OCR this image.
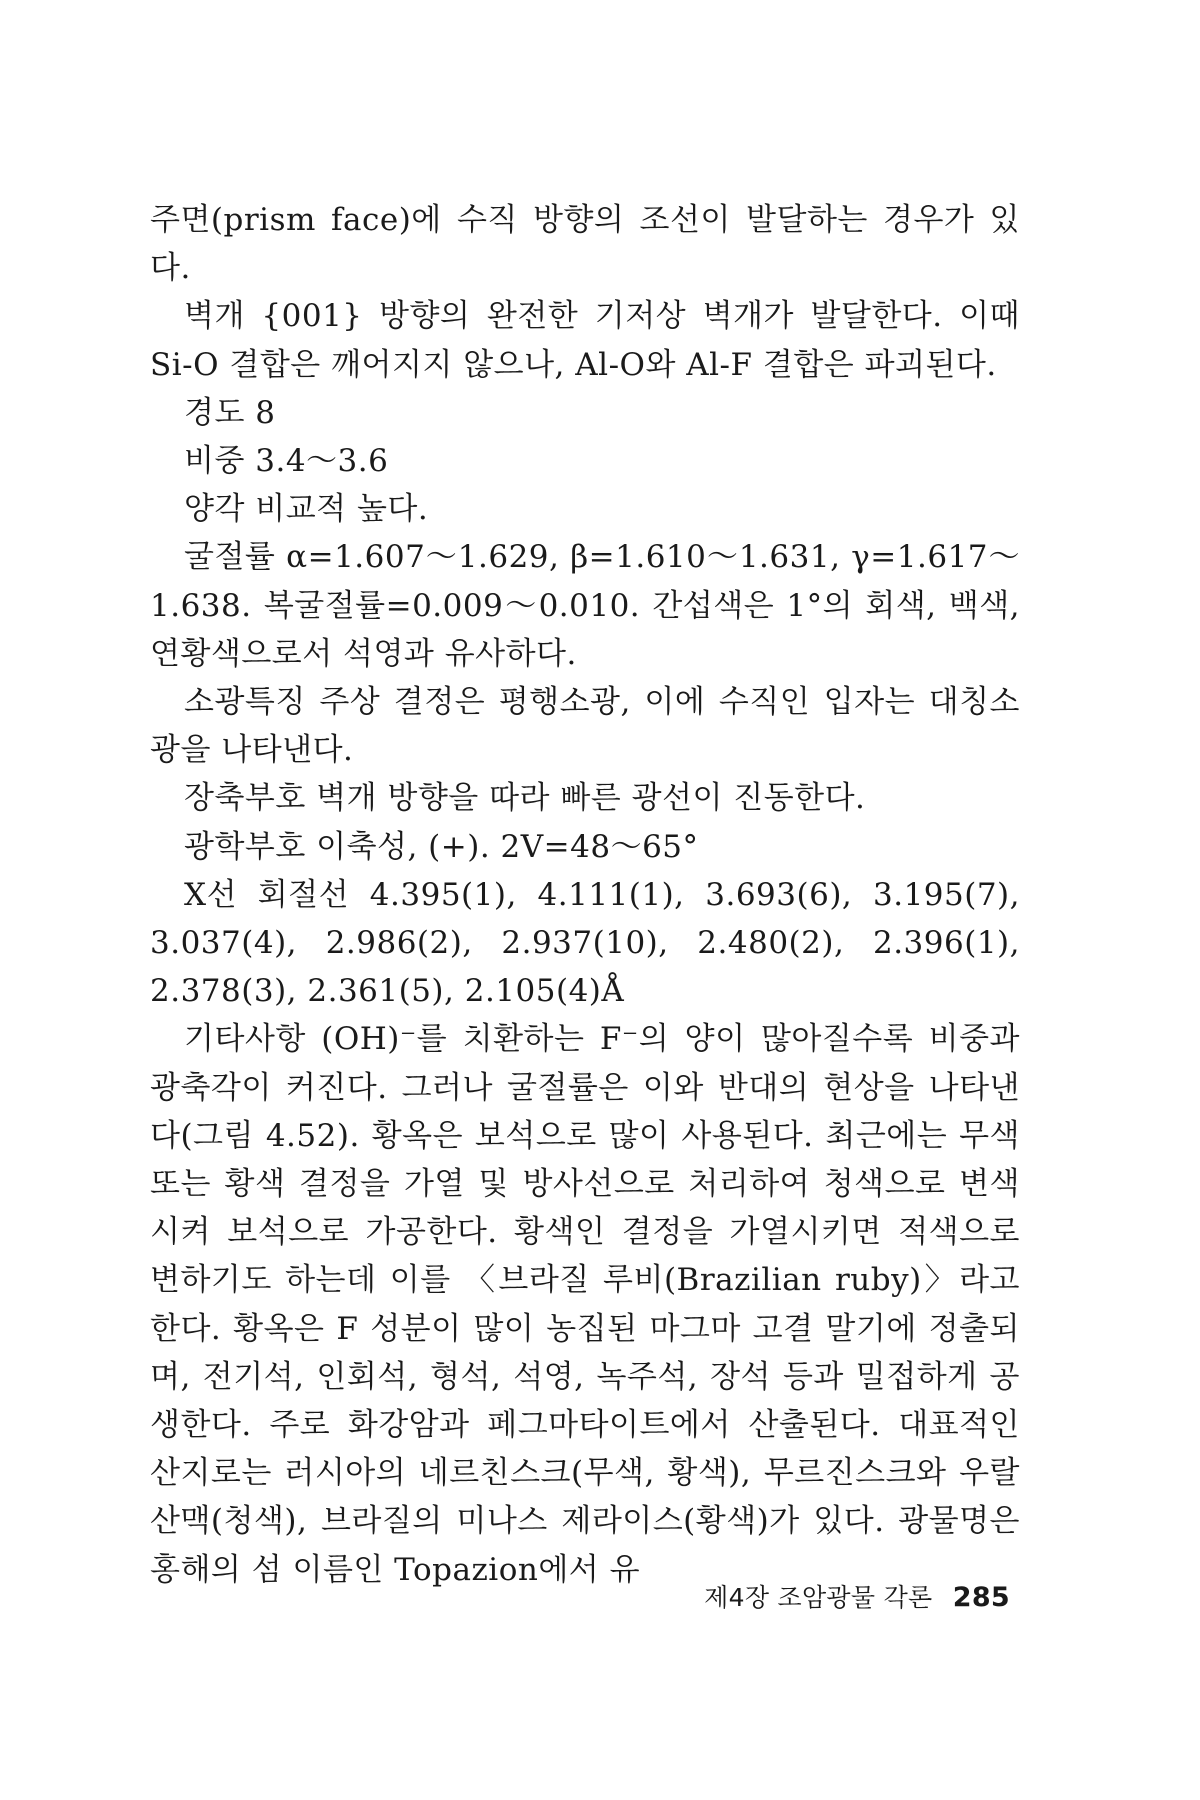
주면(prism face)에 수직 방향의 조선이 발달하는 경우가 있다.

벽개 {001} 방향의 완전한 기저상 벽개가 발달한다. 이때 Si-O 결합은 깨어지지 않으나, Al-O와 Al-F 결합은 파괴된다.

경도 8

비중 3.4～3.6

양각 비교적 높다.

굴절률 α=1.607～1.629, β=1.610～1.631, γ=1.617～1.638. 복굴절률=0.009～0.010. 간섭색은 1°의 회색, 백색, 연황색으로서 석영과 유사하다.

소광특징 주상 결정은 평행소광, 이에 수직인 입자는 대칭소광을 나타낸다.

장축부호 벽개 방향을 따라 빠른 광선이 진동한다.

광학부호 이축성, (+). 2V=48～65°

X선 회절선 4.395(1), 4.111(1), 3.693(6), 3.195(7), 3.037(4), 2.986(2), 2.937(10), 2.480(2), 2.396(1), 2.378(3), 2.361(5), 2.105(4)Å

기타사항 (OH)⁻를 치환하는 F⁻의 양이 많아질수록 비중과 광축각이 커진다. 그러나 굴절률은 이와 반대의 현상을 나타낸다(그림 4.52). 황옥은 보석으로 많이 사용된다. 최근에는 무색 또는 황색 결정을 가열 및 방사선으로 처리하여 청색으로 변색시켜 보석으로 가공한다. 황색인 결정을 가열시키면 적색으로 변하기도 하는데 이를 〈브라질 루비(Brazilian ruby)〉라고 한다. 황옥은 F 성분이 많이 농집된 마그마 고결 말기에 정출되며, 전기석, 인회석, 형석, 석영, 녹주석, 장석 등과 밀접하게 공생한다. 주로 화강암과 페그마타이트에서 산출된다. 대표적인 산지로는 러시아의 네르친스크(무색, 황색), 무르진스크와 우랄산맥(청색), 브라질의 미나스 제라이스(황색)가 있다. 광물명은 홍해의 섬 이름인 Topazion에서 유

제4장 조암광물 각론 285
